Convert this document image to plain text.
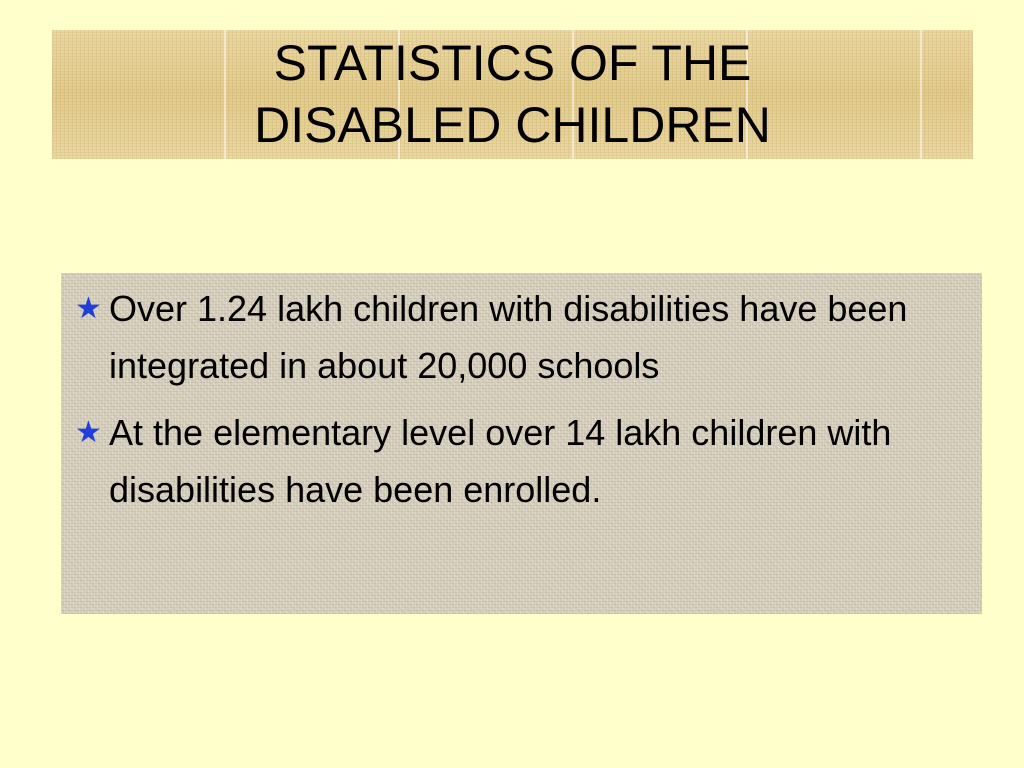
STATISTICS OF THE
DISABLED CHILDREN
★ Over 1.24 lakh children with disabilities have been integrated in about 20,000 schools
★ At the elementary level over 14 lakh children with disabilities have been enrolled.
